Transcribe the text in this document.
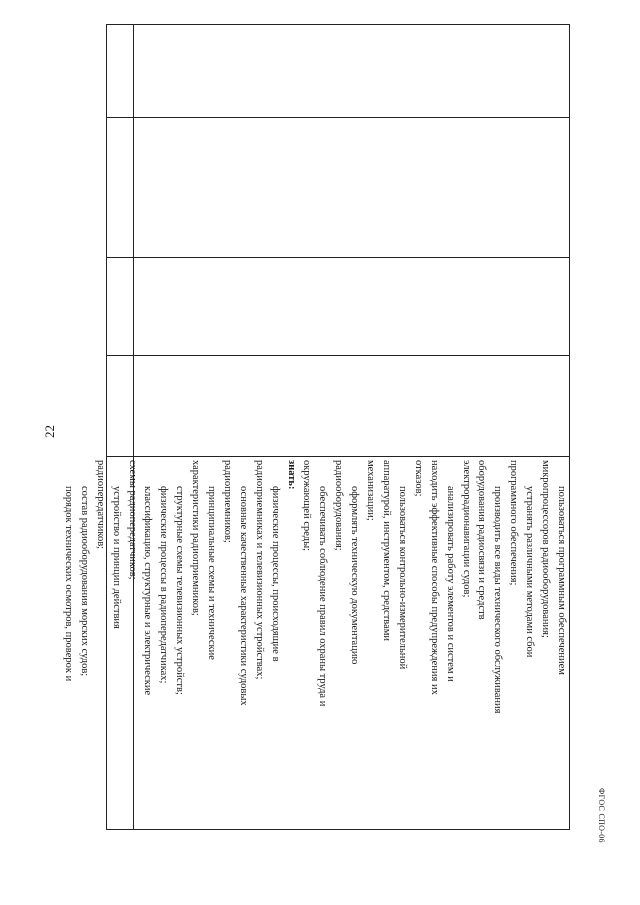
22
пользоваться программным обеспечением
микропроцессоров радиооборудования;
устранять различными методами сбои
программного обеспечения;
производить все виды технического обслуживания
оборудования радиосвязи и средств
электрорадионавигации судов;
анализировать работу элементов и систем и
находить эффективные способы предупреждения их
отказов;
пользоваться контрольно-измерительной
аппаратурой, инструментом, средствами
механизации;
оформлять техническую документацию
радиооборудования;
обеспечивать соблюдение правил охраны труда и
окружающей среды;
знать:
физические процессы, происходящие в
радиоприемниках и телевизионных устройствах;
основные качественные характеристики судовых
радиоприемников;
принципиальные схемы и технические
характеристики радиоприемников;
структурные схемы телевизионных устройств;
физические процессы в радиопередатчиках;
классификацию, структурные и электрические
схемы радиопередатчиков;
устройство и принцип действия
радиопередатчиков;
состав радиооборудования морских судов;
порядок технических осмотров, проверок и
ФГОС СПО-06
